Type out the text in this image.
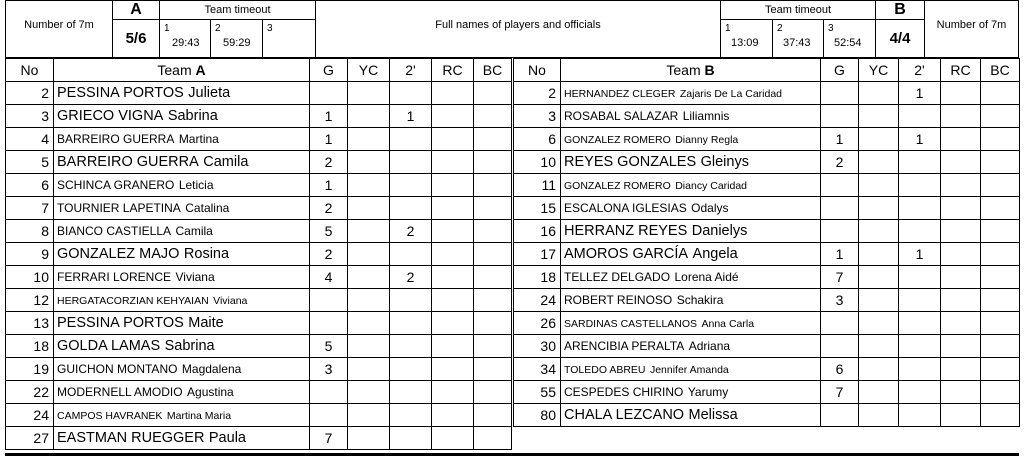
Number of 7m
A
5/6
Team timeout
1
29:43
2
59:29
3	Full names of players and officials
Team timeout
1
13:09
2
37:43
3
52:54
B
4/4
Number of 7m
No	Team A	G	YC	2'	RC	BC
2	PESSINA PORTOS Julieta					
3	GRIECO VIGNA Sabrina	1		1		
4	BARREIRO GUERRA Martina	1				
5	BARREIRO GUERRA Camila	2				
6	SCHINCA GRANERO Leticia	1				
7	TOURNIER LAPETINA Catalina	2				
8	BIANCO CASTIELLA Camila	5		2		
9	GONZALEZ MAJO Rosina	2				
10	FERRARI LORENCE Viviana	4		2		
12	HERGATACORZIAN KEHYAIAN Viviana					
13	PESSINA PORTOS Maite					
18	GOLDA LAMAS Sabrina	5				
19	GUICHON MONTANO Magdalena	3				
22	MODERNELL AMODIO Agustina					
24	CAMPOS HAVRANEK Martina Maria					
27	EASTMAN RUEGGER Paula	7				
No	Team B	G	YC	2'	RC	BC
2	HERNANDEZ CLEGER Zajaris De La Caridad			1		
3	ROSABAL SALAZAR Liliamnis					
6	GONZALEZ ROMERO Dianny Regla	1		1		
10	REYES GONZALES Gleinys	2				
11	GONZALEZ ROMERO Diancy Caridad					
15	ESCALONA IGLESIAS Odalys					
16	HERRANZ REYES Danielys					
17	AMOROS GARCÍA Angela	1		1		
18	TELLEZ DELGADO Lorena Aidé	7				
24	ROBERT REINOSO Schakira	3				
26	SARDINAS CASTELLANOS Anna Carla					
30	ARENCIBIA PERALTA Adriana					
34	TOLEDO ABREU Jennifer Amanda	6				
55	CESPEDES CHIRINO Yarumy	7				
80	CHALA LEZCANO Melissa					
